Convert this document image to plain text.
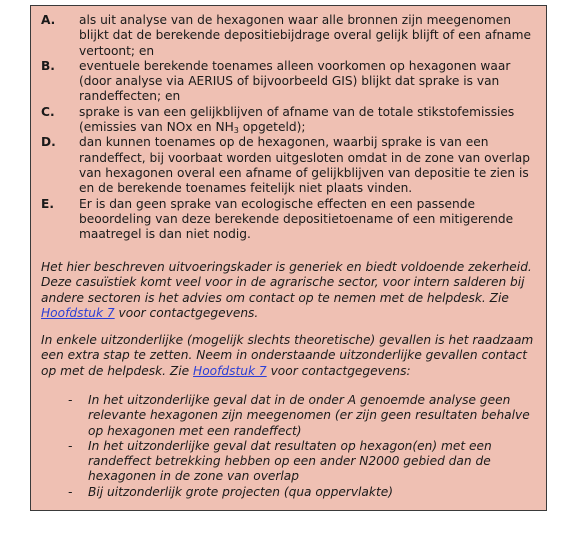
A.	als uit analyse van de hexagonen waar alle bronnen zijn meegenomen blijkt dat de berekende depositiebijdrage overal gelijk blijft of een afname vertoont; en
B.	eventuele berekende toenames alleen voorkomen op hexagonen waar (door analyse via AERIUS of bijvoorbeeld GIS) blijkt dat sprake is van randeffecten; en
C.	sprake is van een gelijkblijven of afname van de totale stikstofemissies (emissies van NOx en $NH_3$ opgeteld);
D.	dan kunnen toenames op de hexagonen, waarbij sprake is van een randeffect, bij voorbaat worden uitgesloten omdat in de zone van overlap van hexagonen overal een afname of gelijkblijven van depositie te zien is en de berekende toenames feitelijk niet plaats vinden.
E.	Er is dan geen sprake van ecologische effecten en een passende beoordeling van deze berekende depositietoename of een mitigerende maatregel is dan niet nodig.
Het hier beschreven uitvoeringskader is generiek en biedt voldoende zekerheid. Deze casuïstiek komt veel voor in de agrarische sector, voor intern salderen bij andere sectoren is het advies om contact op te nemen met de helpdesk. Zie Hoofdstuk 7 voor contactgegevens.
In enkele uitzonderlijke (mogelijk slechts theoretische) gevallen is het raadzaam een extra stap te zetten. Neem in onderstaande uitzonderlijke gevallen contact op met de helpdesk. Zie Hoofdstuk 7 voor contactgegevens:
-	In het uitzonderlijke geval dat in de onder A genoemde analyse geen relevante hexagonen zijn meegenomen (er zijn geen resultaten behalve op hexagonen met een randeffect)
-	In het uitzonderlijke geval dat resultaten op hexagon(en) met een randeffect betrekking hebben op een ander N2000 gebied dan de hexagonen in de zone van overlap
-	Bij uitzonderlijk grote projecten (qua oppervlakte)
